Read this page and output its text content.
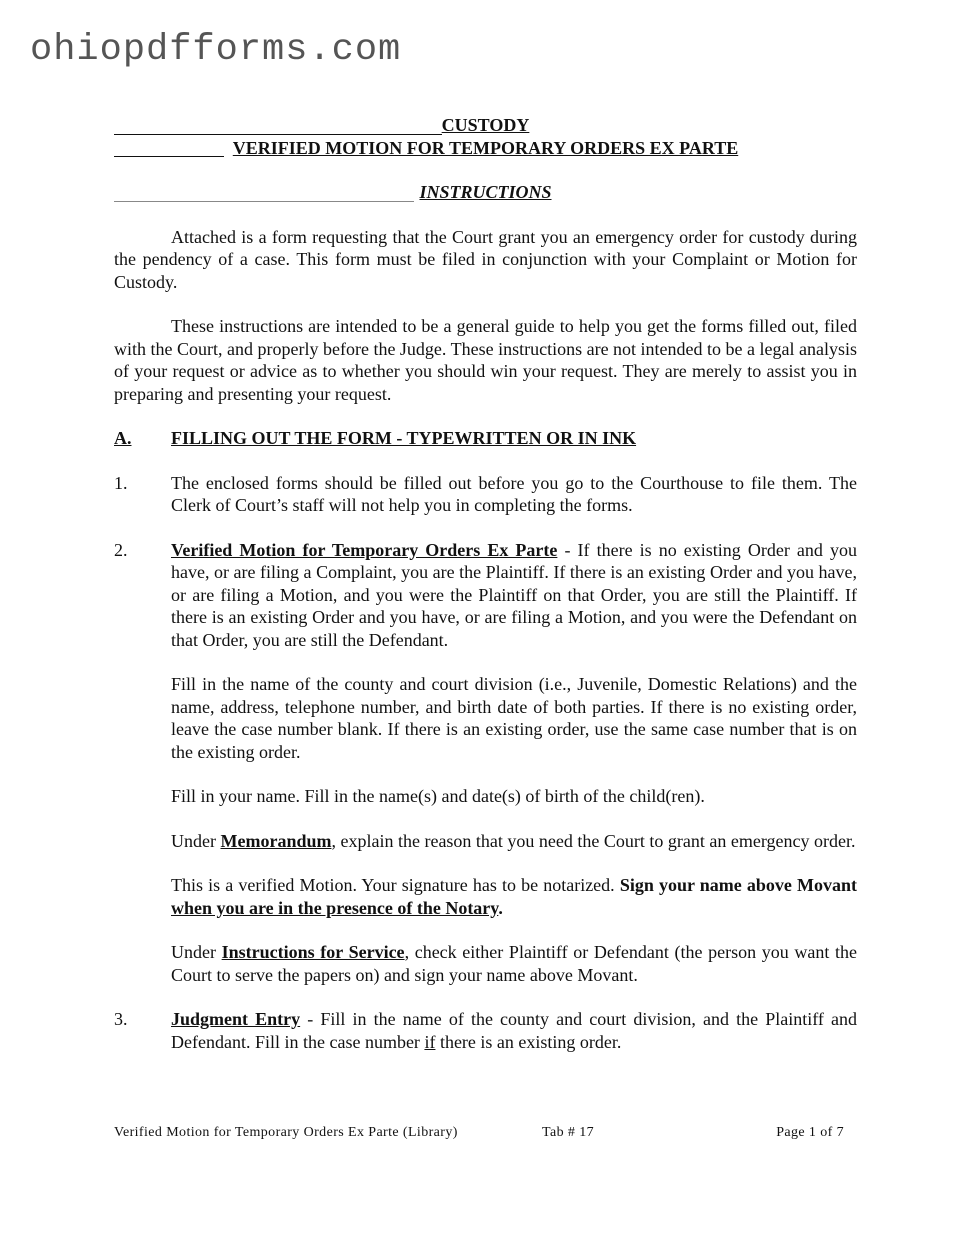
ohiopdfforms.com
CUSTODY
VERIFIED MOTION FOR TEMPORARY ORDERS EX PARTE
INSTRUCTIONS

Attached is a form requesting that the Court grant you an emergency order for custody during the pendency of a case. This form must be filed in conjunction with your Complaint or Motion for Custody.

These instructions are intended to be a general guide to help you get the forms filled out, filed with the Court, and properly before the Judge. These instructions are not intended to be a legal analysis of your request or advice as to whether you should win your request. They are merely to assist you in preparing and presenting your request.

A. FILLING OUT THE FORM - TYPEWRITTEN OR IN INK
1. The enclosed forms should be filled out before you go to the Courthouse to file them. The Clerk of Court’s staff will not help you in completing the forms.

2. Verified Motion for Temporary Orders Ex Parte - If there is no existing Order and you have, or are filing a Complaint, you are the Plaintiff. If there is an existing Order and you have, or are filing a Motion, and you were the Plaintiff on that Order, you are still the Plaintiff. If there is an existing Order and you have, or are filing a Motion, and you were the Defendant on that Order, you are still the Defendant.

Fill in the name of the county and court division (i.e., Juvenile, Domestic Relations) and the name, address, telephone number, and birth date of both parties. If there is no existing order, leave the case number blank. If there is an existing order, use the same case number that is on the existing order.

Fill in your name. Fill in the name(s) and date(s) of birth of the child(ren).

Under Memorandum, explain the reason that you need the Court to grant an emergency order.

This is a verified Motion. Your signature has to be notarized. Sign your name above Movant when you are in the presence of the Notary.

Under Instructions for Service, check either Plaintiff or Defendant (the person you want the Court to serve the papers on) and sign your name above Movant.

3. Judgment Entry - Fill in the name of the county and court division, and the Plaintiff and Defendant. Fill in the case number if there is an existing order.

Verified Motion for Temporary Orders Ex Parte (Library)	Tab # 17	Page 1 of 7
